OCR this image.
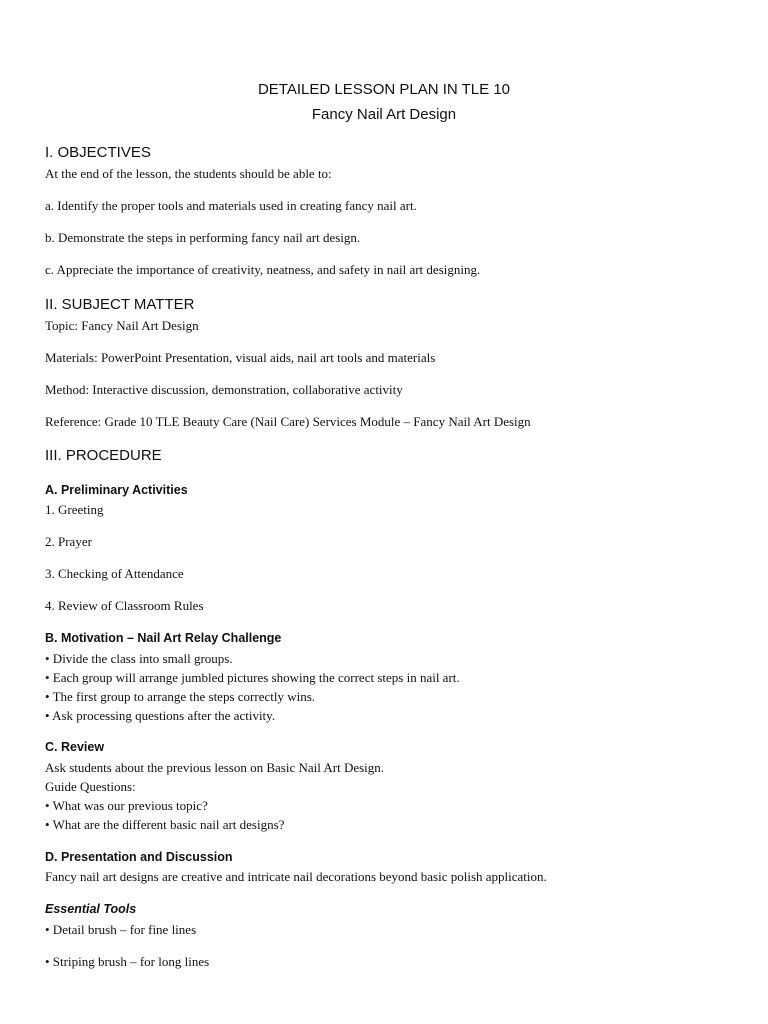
DETAILED LESSON PLAN IN TLE 10
Fancy Nail Art Design
I. OBJECTIVES
At the end of the lesson, the students should be able to:
a. Identify the proper tools and materials used in creating fancy nail art.
b. Demonstrate the steps in performing fancy nail art design.
c. Appreciate the importance of creativity, neatness, and safety in nail art designing.
II. SUBJECT MATTER
Topic: Fancy Nail Art Design
Materials: PowerPoint Presentation, visual aids, nail art tools and materials
Method: Interactive discussion, demonstration, collaborative activity
Reference: Grade 10 TLE Beauty Care (Nail Care) Services Module – Fancy Nail Art Design
III. PROCEDURE
A. Preliminary Activities
1. Greeting
2. Prayer
3. Checking of Attendance
4. Review of Classroom Rules
B. Motivation – Nail Art Relay Challenge
• Divide the class into small groups.
• Each group will arrange jumbled pictures showing the correct steps in nail art.
• The first group to arrange the steps correctly wins.
• Ask processing questions after the activity.
C. Review
Ask students about the previous lesson on Basic Nail Art Design.
Guide Questions:
• What was our previous topic?
• What are the different basic nail art designs?
D. Presentation and Discussion
Fancy nail art designs are creative and intricate nail decorations beyond basic polish application.
Essential Tools
• Detail brush – for fine lines
• Striping brush – for long lines
